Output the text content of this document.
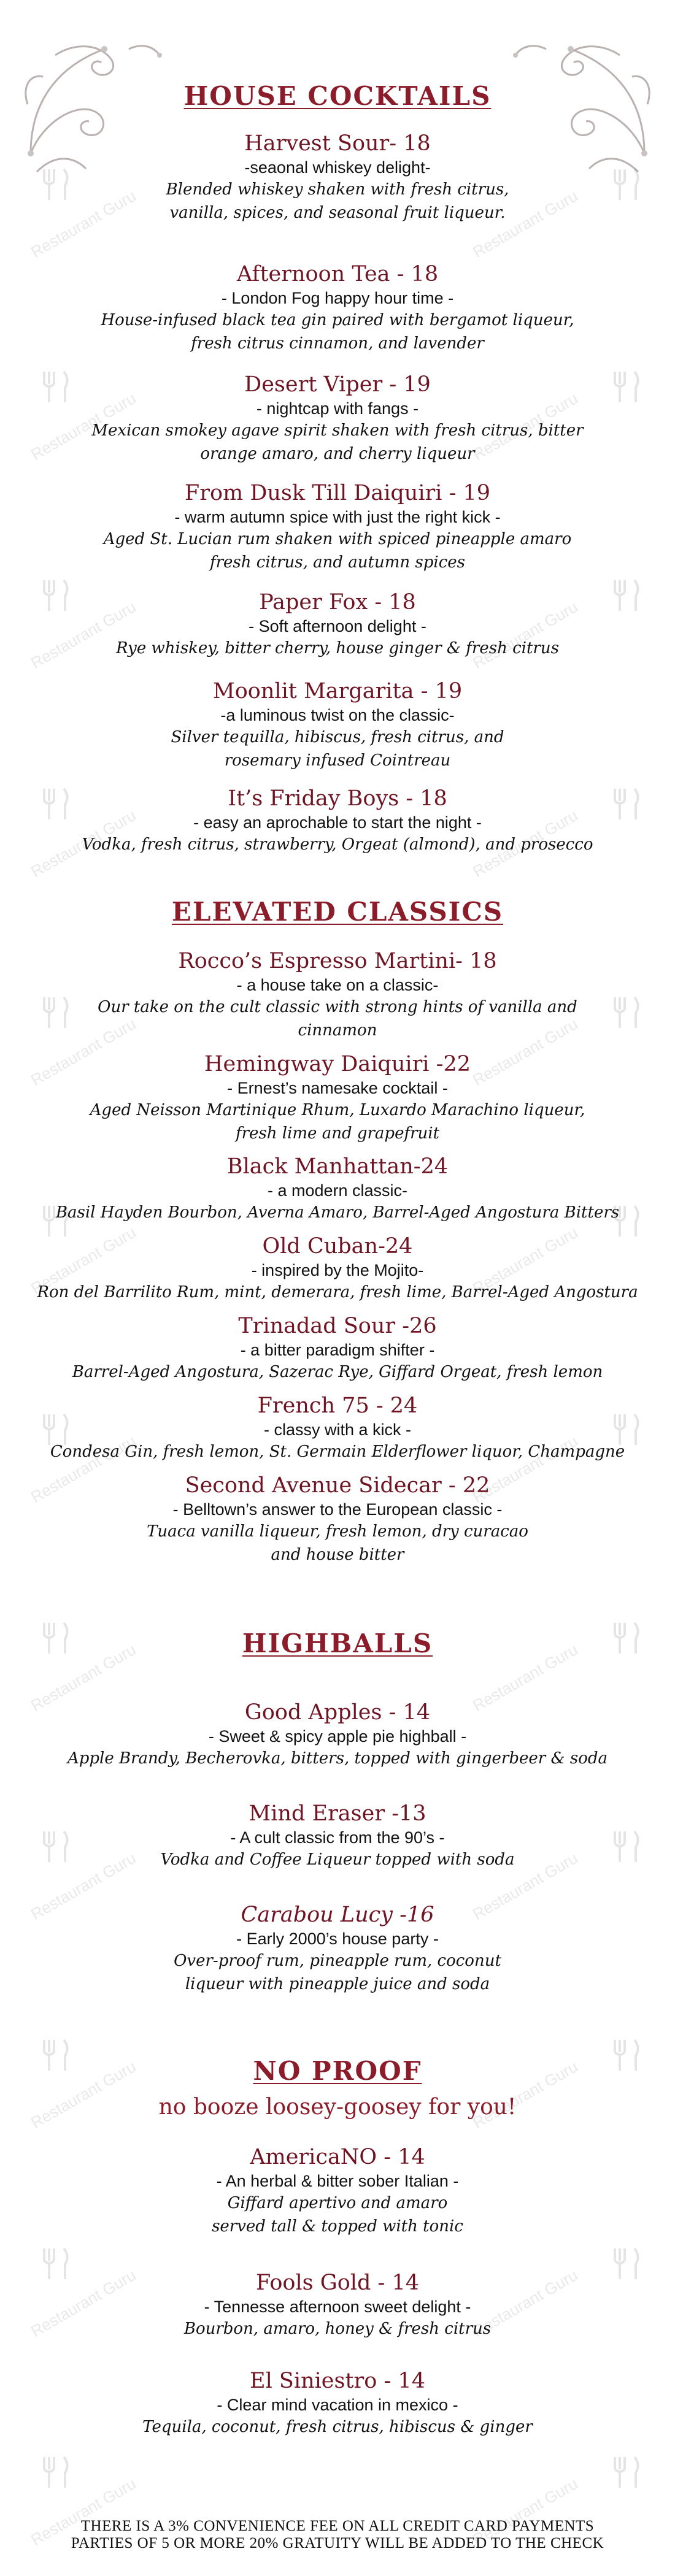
Restaurant Guru	Restaurant Guru
Restaurant Guru	Restaurant Guru
Restaurant Guru	Restaurant Guru
Restaurant Guru	Restaurant Guru
Restaurant Guru	Restaurant Guru
Restaurant Guru	Restaurant Guru
Restaurant Guru	Restaurant Guru
Restaurant Guru	Restaurant Guru
Restaurant Guru	Restaurant Guru
Restaurant Guru	Restaurant Guru
Restaurant Guru	Restaurant Guru
Restaurant Guru	Restaurant Guru
HOUSE COCKTAILS
Harvest Sour- 18
-seaonal whiskey delight-
Blended whiskey shaken with fresh citrus,
vanilla, spices, and seasonal fruit liqueur.
Afternoon Tea - 18
- London Fog happy hour time -
House-infused black tea gin paired with bergamot liqueur,
fresh citrus cinnamon, and lavender
Desert Viper - 19
- nightcap with fangs -
Mexican smokey agave spirit shaken with fresh citrus, bitter
orange amaro, and cherry liqueur
From Dusk Till Daiquiri - 19
- warm autumn spice with just the right kick -
Aged St. Lucian rum shaken with spiced pineapple amaro
fresh citrus, and autumn spices
Paper Fox - 18
- Soft afternoon delight -
Rye whiskey, bitter cherry, house ginger & fresh citrus
Moonlit Margarita - 19
-a luminous twist on the classic-
Silver tequilla, hibiscus, fresh citrus, and
rosemary infused Cointreau
It’s Friday Boys - 18
- easy an aprochable to start the night -
Vodka, fresh citrus, strawberry, Orgeat (almond), and prosecco
ELEVATED CLASSICS
Rocco’s Espresso Martini- 18
- a house take on a classic-
Our take on the cult classic with strong hints of vanilla and
cinnamon
Hemingway Daiquiri -22
- Ernest’s namesake cocktail -
Aged Neisson Martinique Rhum, Luxardo Marachino liqueur,
fresh lime and grapefruit
Black Manhattan-24
- a modern classic-
Basil Hayden Bourbon, Averna Amaro, Barrel-Aged Angostura Bitters
Old Cuban-24
- inspired by the Mojito-
Ron del Barrilito Rum, mint, demerara, fresh lime, Barrel-Aged Angostura
Trinadad Sour -26
- a bitter paradigm shifter -
Barrel-Aged Angostura, Sazerac Rye, Giffard Orgeat, fresh lemon
French 75 - 24
- classy with a kick -
Condesa Gin, fresh lemon, St. Germain Elderflower liquor, Champagne
Second Avenue Sidecar - 22
- Belltown’s answer to the European classic -
Tuaca vanilla liqueur, fresh lemon, dry curacao
and house bitter
HIGHBALLS
Good Apples - 14
- Sweet & spicy apple pie highball -
Apple Brandy, Becherovka, bitters, topped with gingerbeer & soda
Mind Eraser -13
- A cult classic from the 90’s -
Vodka and Coffee Liqueur topped with soda
Carabou Lucy -16
- Early 2000’s house party -
Over-proof rum, pineapple rum, coconut
liqueur with pineapple juice and soda
NO PROOF
no booze loosey-goosey for you!
AmericaNO - 14
- An herbal & bitter sober Italian -
Giffard apertivo and amaro
served tall & topped with tonic
Fools Gold - 14
- Tennesse afternoon sweet delight -
Bourbon, amaro, honey & fresh citrus
El Siniestro - 14
- Clear mind vacation in mexico -
Tequila, coconut, fresh citrus, hibiscus & ginger
THERE IS A 3% CONVENIENCE FEE ON ALL CREDIT CARD PAYMENTS
PARTIES OF 5 OR MORE 20% GRATUITY WILL BE ADDED TO THE CHECK
